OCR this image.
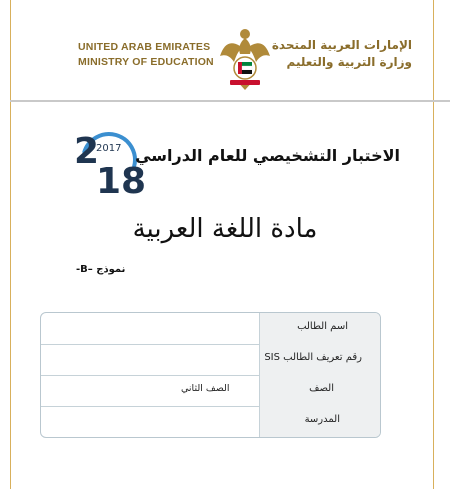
UNITED ARAB EMIRATES
MINISTRY OF EDUCATION
الإمارات العربية المتحدة
وزارة التربية والتعليم
2
2017
18
الاختبار التشخيصي للعام الدراسي
مادة اللغة العربية
نموذج –B-
اسم الطالب
رقم تعريف الطالب SIS
الصف الثاني	الصف
المدرسة
